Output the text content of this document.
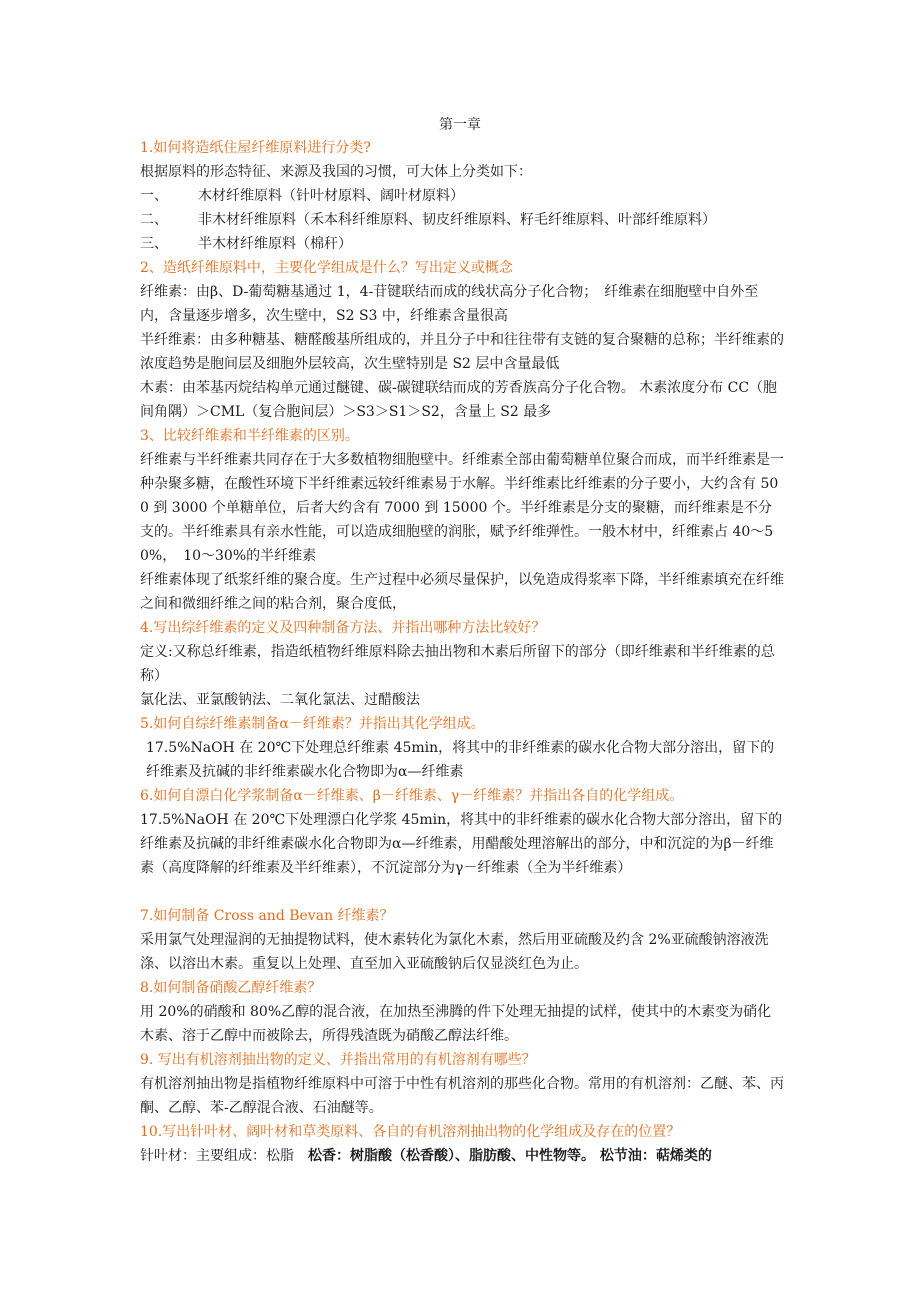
第一章

1.如何将造纸住屋纤维原料进行分类?

根据原料的形态特征、来源及我国的习惯，可大体上分类如下：

一、	木材纤维原料（针叶材原料、阔叶材原料）
二、	非木材纤维原料（禾本科纤维原料、韧皮纤维原料、籽毛纤维原料、叶部纤维原料）
三、	半木材纤维原料（棉秆）

2、造纸纤维原料中，主要化学组成是什么？写出定义或概念

纤维素：由β、D-葡萄糖基通过 1，4-苷键联结而成的线状高分子化合物；　纤维素在细胞壁中自外至内，含量逐步增多，次生壁中，S2 S3 中，纤维素含量很高

半纤维素：由多种糖基、糖醛酸基所组成的，并且分子中和往往带有支链的复合聚糖的总称；半纤维素的浓度趋势是胞间层及细胞外层较高，次生壁特别是 S2 层中含量最低

木素：由苯基丙烷结构单元通过醚键、碳-碳键联结而成的芳香族高分子化合物。 木素浓度分布 CC（胞间角隅）＞CML（复合胞间层）＞S3＞S1＞S2，含量上 S2 最多

3、比较纤维素和半纤维素的区别。

纤维素与半纤维素共同存在于大多数植物细胞壁中。纤维素全部由葡萄糖单位聚合而成，而半纤维素是一种杂聚多糖，在酸性环境下半纤维素远较纤维素易于水解。半纤维素比纤维素的分子要小，大约含有 500 到 3000 个单糖单位，后者大约含有 7000 到 15000 个。半纤维素是分支的聚糖，而纤维素是不分支的。半纤维素具有亲水性能，可以造成细胞壁的润胀，赋予纤维弹性。一般木材中，纤维素占 40～50%，　10～30%的半纤维素

纤维素体现了纸浆纤维的聚合度。生产过程中必须尽量保护，以免造成得浆率下降，半纤维素填充在纤维之间和微细纤维之间的粘合剂，聚合度低，

4.写出综纤维素的定义及四种制备方法、并指出哪种方法比较好？

定义:又称总纤维素，指造纸植物纤维原料除去抽出物和木素后所留下的部分（即纤维素和半纤维素的总称）

氯化法、亚氯酸钠法、二氧化氯法、过醋酸法

5.如何自综纤维素制备α－纤维素？并指出其化学组成。

17.5%NaOH 在 20℃下处理总纤维素 45min，将其中的非纤维素的碳水化合物大部分溶出，留下的纤维素及抗碱的非纤维素碳水化合物即为α—纤维素

6.如何自漂白化学浆制备α－纤维素、β－纤维素、γ－纤维素？并指出各自的化学组成。

17.5%NaOH 在 20℃下处理漂白化学浆 45min，将其中的非纤维素的碳水化合物大部分溶出，留下的纤维素及抗碱的非纤维素碳水化合物即为α—纤维素，用醋酸处理溶解出的部分，中和沉淀的为β－纤维素（高度降解的纤维素及半纤维素），不沉淀部分为γ－纤维素（全为半纤维素）

7.如何制备 Cross and Bevan 纤维素？

采用氯气处理湿润的无抽提物试料，使木素转化为氯化木素，然后用亚硫酸及约含 2%亚硫酸钠溶液洗涤、以溶出木素。重复以上处理、直至加入亚硫酸钠后仅显淡红色为止。

8.如何制备硝酸乙醇纤维素？

用 20%的硝酸和 80%乙醇的混合液，在加热至沸腾的件下处理无抽提的试样，使其中的木素变为硝化木素、溶于乙醇中而被除去，所得残渣既为硝酸乙醇法纤维。

9. 写出有机溶剂抽出物的定义、并指出常用的有机溶剂有哪些？

有机溶剂抽出物是指植物纤维原料中可溶于中性有机溶剂的那些化合物。常用的有机溶剂：乙醚、苯、丙酮、乙醇、苯-乙醇混合液、石油醚等。

10.写出针叶材、阔叶材和草类原料、各自的有机溶剂抽出物的化学组成及存在的位置？

针叶材：主要组成：松脂　松香：树脂酸（松香酸）、脂肪酸、中性物等。 松节油：萜烯类的
